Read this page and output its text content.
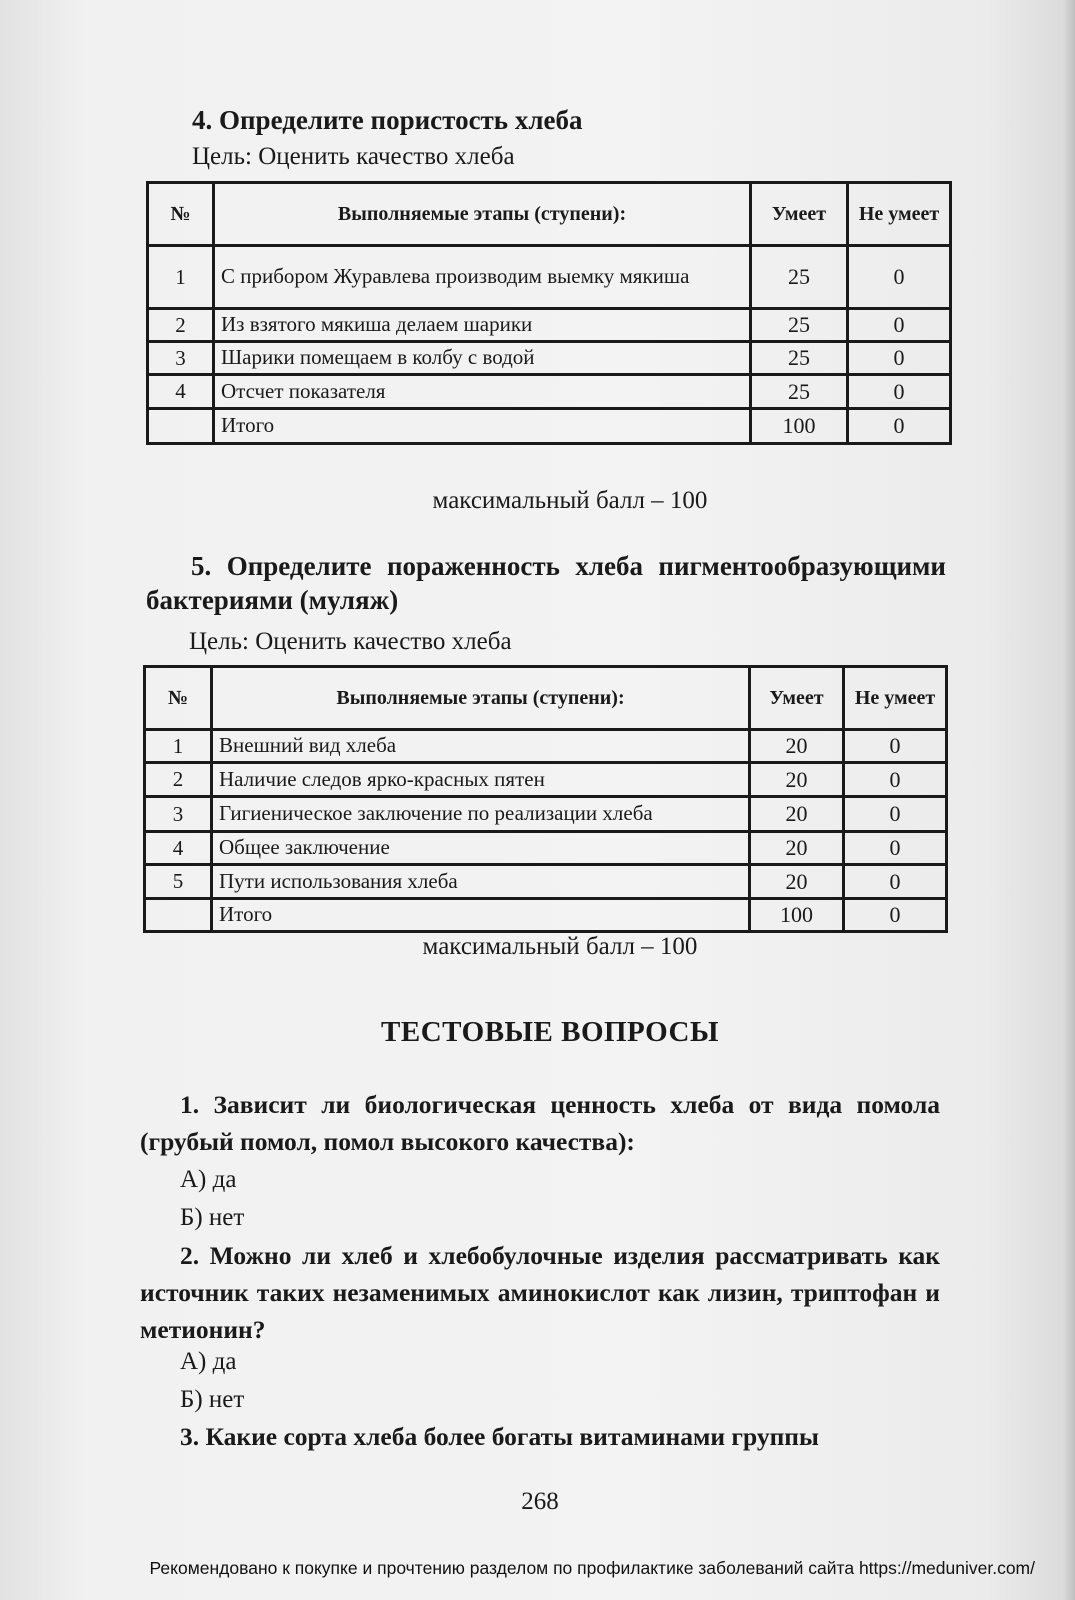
4. Определите пористость хлеба
Цель: Оценить качество хлеба
№	Выполняемые этапы (ступени):	Умеет	Не умеет
1	С прибором Журавлева производим выемку мякиша	25	0
2	Из взятого мякиша делаем шарики	25	0
3	Шарики помещаем в колбу с водой	25	0
4	Отсчет показателя	25	0
	Итого	100	0
максимальный балл – 100
5. Определите пораженность хлеба пигментообразующими бактериями (муляж)
Цель: Оценить качество хлеба
№	Выполняемые этапы (ступени):	Умеет	Не умеет
1	Внешний вид хлеба	20	0
2	Наличие следов ярко-красных пятен	20	0
3	Гигиеническое заключение по реализации хлеба	20	0
4	Общее заключение	20	0
5	Пути использования хлеба	20	0
	Итого	100	0
максимальный балл – 100
ТЕСТОВЫЕ ВОПРОСЫ
1. Зависит ли биологическая ценность хлеба от вида помола (грубый помол, помол высокого качества):
А) да
Б) нет
2. Можно ли хлеб и хлебобулочные изделия рассматривать как источник таких незаменимых аминокислот как лизин, триптофан и метионин?
А) да
Б) нет
3. Какие сорта хлеба более богаты витаминами группы
268
Рекомендовано к покупке и прочтению разделом по профилактике заболеваний сайта https://meduniver.com/
